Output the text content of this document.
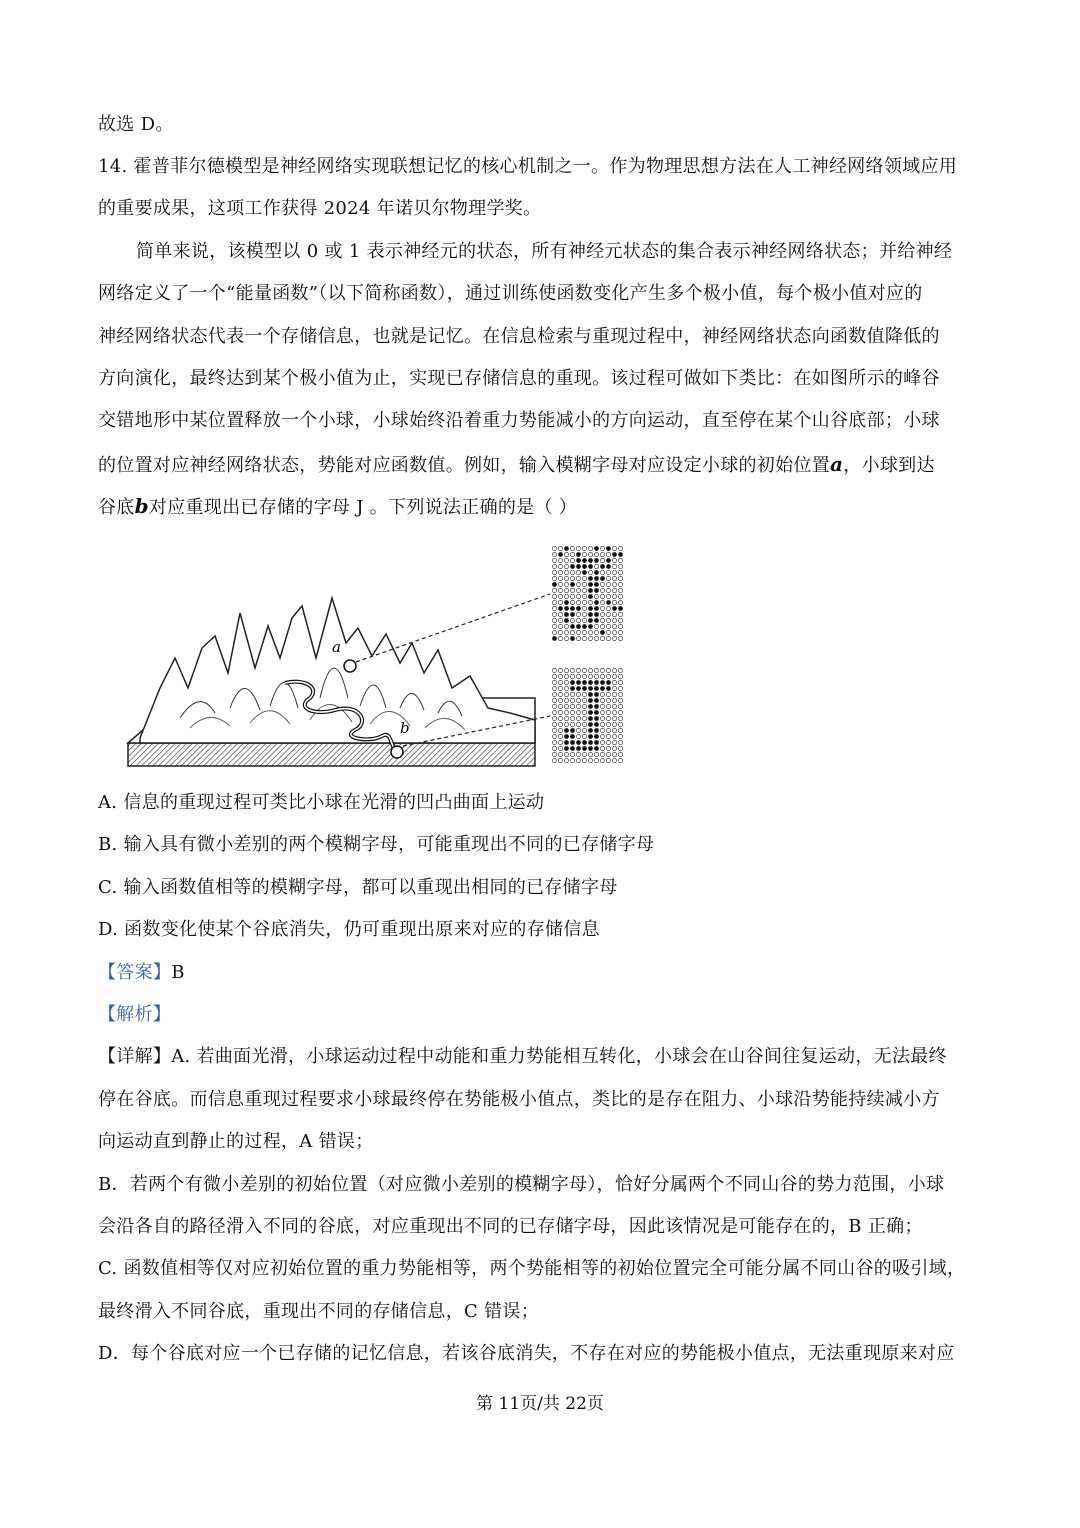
故选 D。
14. 霍普菲尔德模型是神经网络实现联想记忆的核心机制之一。作为物理思想方法在人工神经网络领域应用
的重要成果，这项工作获得 2024 年诺贝尔物理学奖。
简单来说，该模型以 0 或 1 表示神经元的状态，所有神经元状态的集合表示神经网络状态；并给神经
网络定义了一个“能量函数”（以下简称函数），通过训练使函数变化产生多个极小值，每个极小值对应的
神经网络状态代表一个存储信息，也就是记忆。在信息检索与重现过程中，神经网络状态向函数值降低的
方向演化，最终达到某个极小值为止，实现已存储信息的重现。该过程可做如下类比：在如图所示的峰谷
交错地形中某位置释放一个小球，小球始终沿着重力势能减小的方向运动，直至停在某个山谷底部；小球
的位置对应神经网络状态，势能对应函数值。例如，输入模糊字母对应设定小球的初始位置a，小球到达
谷底b对应重现出已存储的字母 J 。下列说法正确的是（ ）
a
b
A. 信息的重现过程可类比小球在光滑的凹凸曲面上运动
B. 输入具有微小差别的两个模糊字母，可能重现出不同的已存储字母
C. 输入函数值相等的模糊字母，都可以重现出相同的已存储字母
D. 函数变化使某个谷底消失，仍可重现出原来对应的存储信息
【答案】B
【解析】
【详解】A. 若曲面光滑，小球运动过程中动能和重力势能相互转化，小球会在山谷间往复运动，无法最终
停在谷底。而信息重现过程要求小球最终停在势能极小值点，类比的是存在阻力、小球沿势能持续减小方
向运动直到静止的过程，A 错误；
B．若两个有微小差别的初始位置（对应微小差别的模糊字母），恰好分属两个不同山谷的势力范围，小球
会沿各自的路径滑入不同的谷底，对应重现出不同的已存储字母，因此该情况是可能存在的，B 正确；
C. 函数值相等仅对应初始位置的重力势能相等，两个势能相等的初始位置完全可能分属不同山谷的吸引域，
最终滑入不同谷底，重现出不同的存储信息，C 错误；
D．每个谷底对应一个已存储的记忆信息，若该谷底消失，不存在对应的势能极小值点，无法重现原来对应
第 11页/共 22页
